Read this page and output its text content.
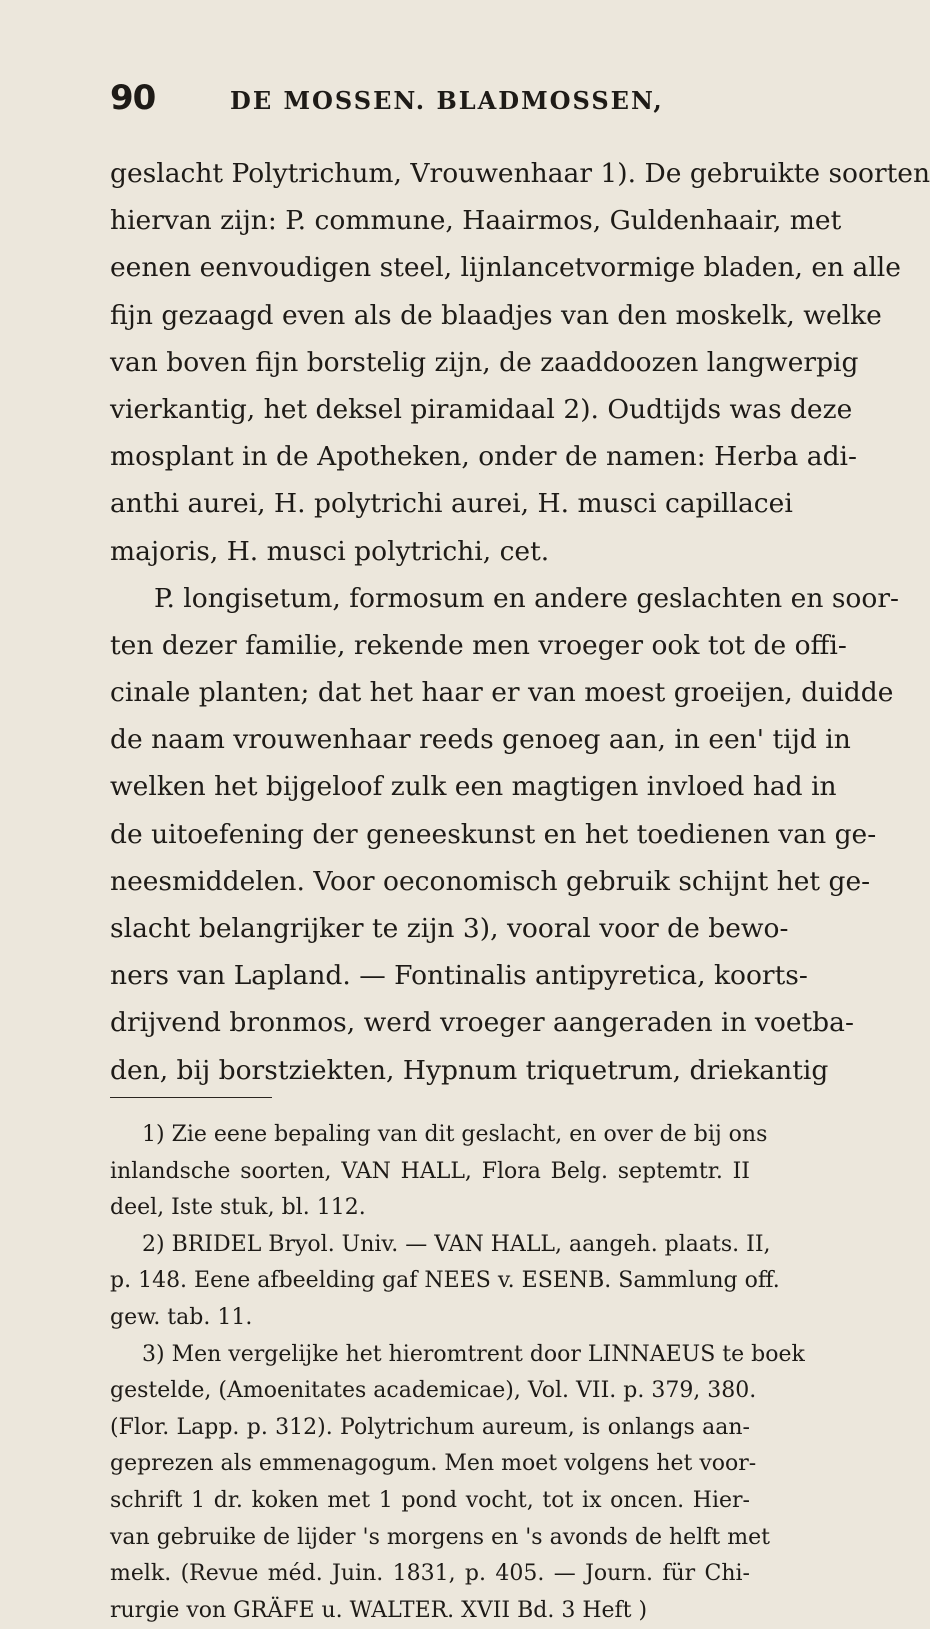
90	DE MOSSEN. BLADMOSSEN,
geslacht Polytrichum, Vrouwenhaar 1). De gebruikte soorten
hiervan zijn: P. commune, Haairmos, Guldenhaair, met
eenen eenvoudigen steel, lijnlancetvormige bladen, en alle
fijn gezaagd even als de blaadjes van den moskelk, welke
van boven fijn borstelig zijn, de zaaddoozen langwerpig
vierkantig, het deksel piramidaal 2). Oudtijds was deze
mosplant in de Apotheken, onder de namen: Herba adi-
anthi aurei, H. polytrichi aurei, H. musci capillacei
majoris, H. musci polytrichi, cet.
P. longisetum, formosum en andere geslachten en soor-
ten dezer familie, rekende men vroeger ook tot de offi-
cinale planten; dat het haar er van moest groeijen, duidde
de naam vrouwenhaar reeds genoeg aan, in een' tijd in
welken het bijgeloof zulk een magtigen invloed had in
de uitoefening der geneeskunst en het toedienen van ge-
neesmiddelen. Voor oeconomisch gebruik schijnt het ge-
slacht belangrijker te zijn 3), vooral voor de bewo-
ners van Lapland. — Fontinalis antipyretica, koorts-
drijvend bronmos, werd vroeger aangeraden in voetba-
den, bij borstziekten, Hypnum triquetrum, driekantig
1) Zie eene bepaling van dit geslacht, en over de bij ons
inlandsche soorten, VAN HALL, Flora Belg. septemtr. II
deel, Iste stuk, bl. 112.
2) BRIDEL Bryol. Univ. — VAN HALL, aangeh. plaats. II,
p. 148. Eene afbeelding gaf NEES v. ESENB. Sammlung off.
gew. tab. 11.
3) Men vergelijke het hieromtrent door LINNAEUS te boek
gestelde, (Amoenitates academicae), Vol. VII. p. 379, 380.
(Flor. Lapp. p. 312). Polytrichum aureum, is onlangs aan-
geprezen als emmenagogum. Men moet volgens het voor-
schrift 1 dr. koken met 1 pond vocht, tot ix oncen. Hier-
van gebruike de lijder 's morgens en 's avonds de helft met
melk. (Revue méd. Juin. 1831, p. 405. — Journ. für Chi-
rurgie von GRÄFE u. WALTER. XVII Bd. 3 Heft )
